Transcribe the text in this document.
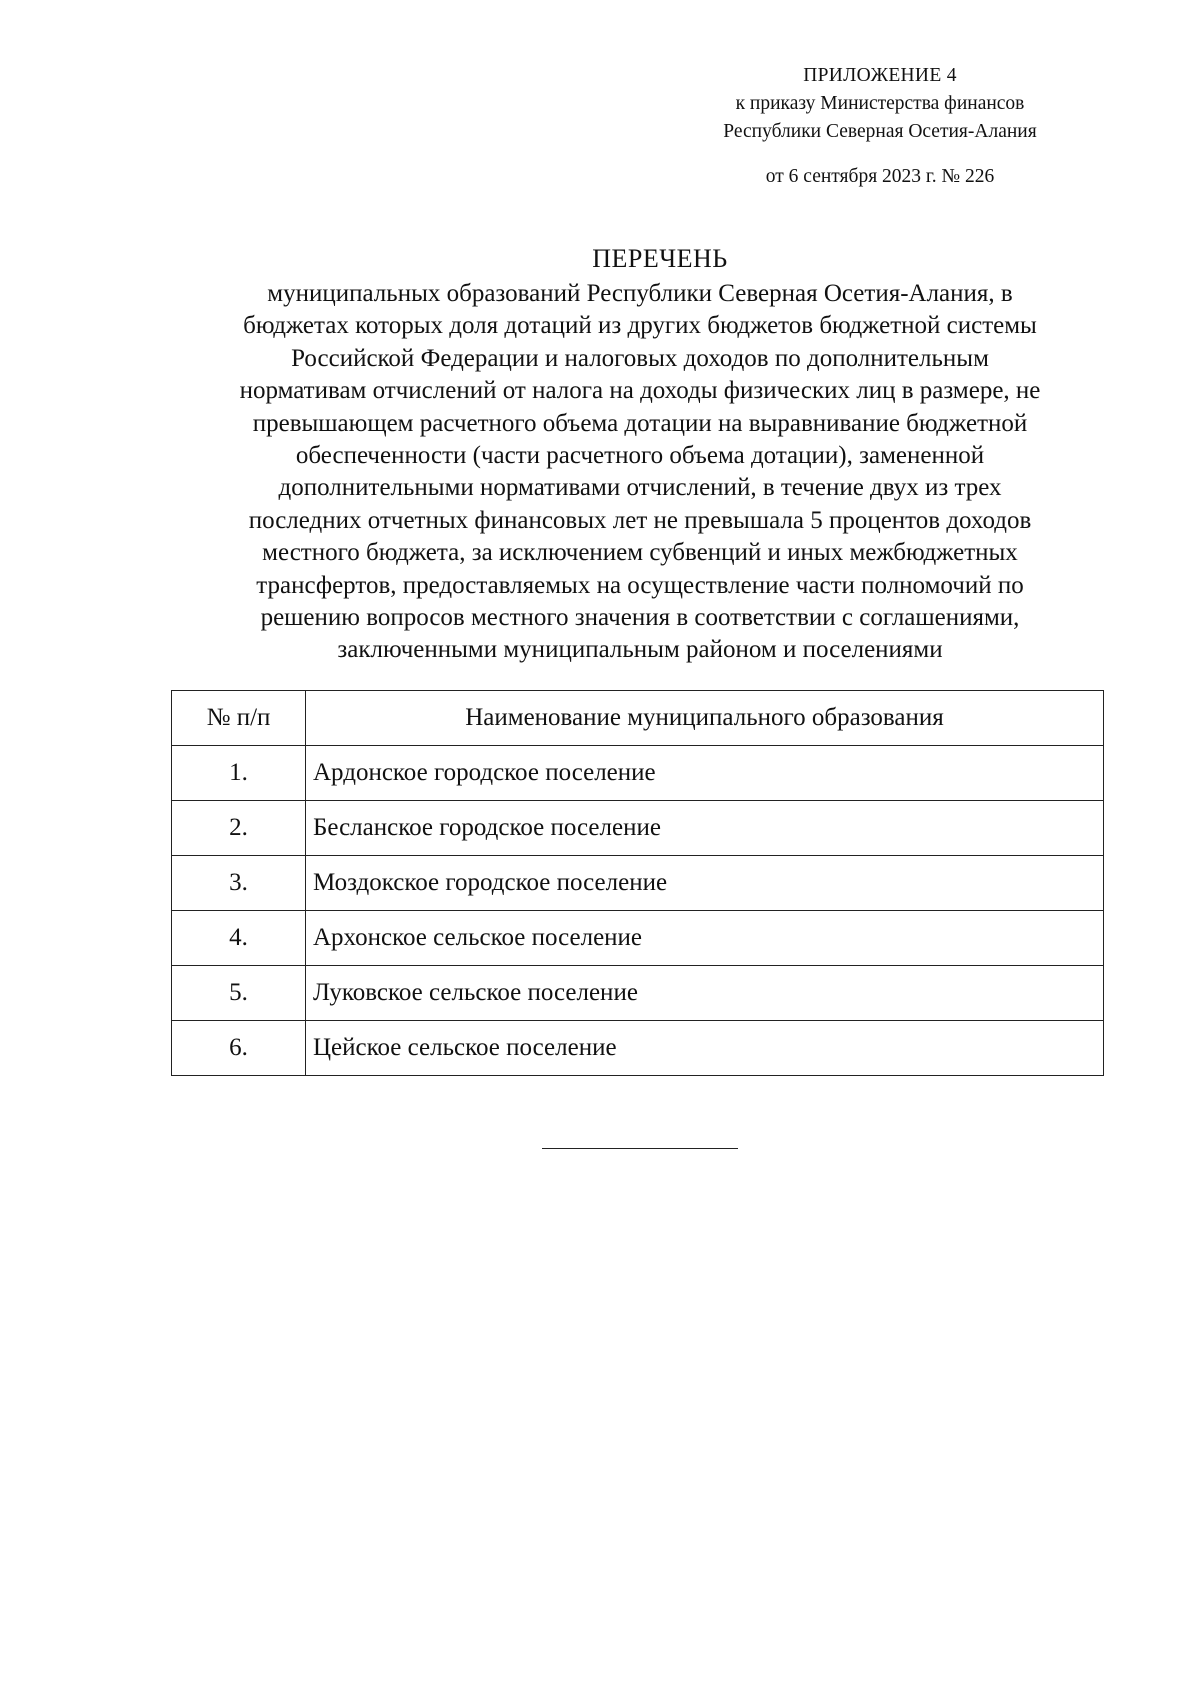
ПРИЛОЖЕНИЕ 4
к приказу Министерства финансов
Республики Северная Осетия-Алания
от 6 сентября 2023 г. № 226
ПЕРЕЧЕНЬ
муниципальных образований Республики Северная Осетия-Алания, в
бюджетах которых доля дотаций из других бюджетов бюджетной системы
Российской Федерации и налоговых доходов по дополнительным
нормативам отчислений от налога на доходы физических лиц в размере, не
превышающем расчетного объема дотации на выравнивание бюджетной
обеспеченности (части расчетного объема дотации), замененной
дополнительными нормативами отчислений, в течение двух из трех
последних отчетных финансовых лет не превышала 5 процентов доходов
местного бюджета, за исключением субвенций и иных межбюджетных
трансфертов, предоставляемых на осуществление части полномочий по
решению вопросов местного значения в соответствии с соглашениями,
заключенными муниципальным районом и поселениями
№ п/п	Наименование муниципального образования
1.	Ардонское городское поселение
2.	Бесланское городское поселение
3.	Моздокское городское поселение
4.	Архонское сельское поселение
5.	Луковское сельское поселение
6.	Цейское сельское поселение
